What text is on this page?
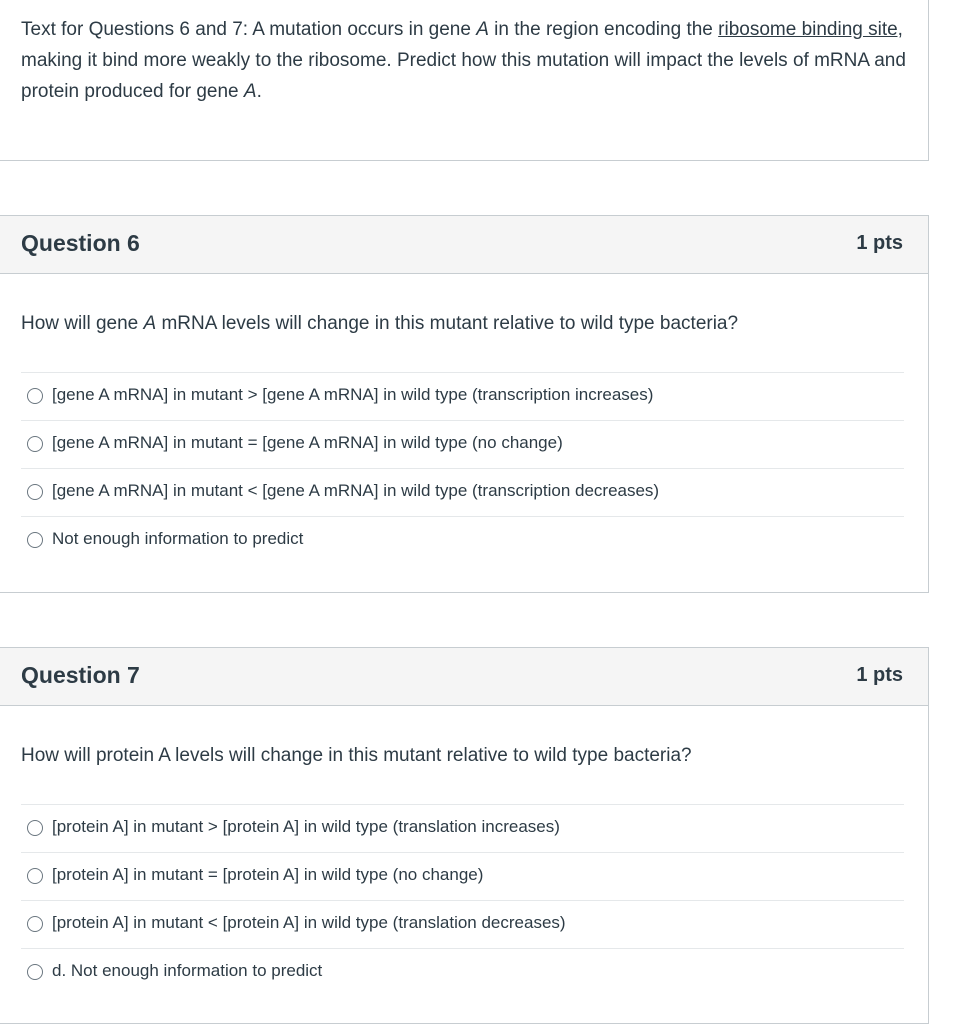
Text for Questions 6 and 7: A mutation occurs in gene A in the region encoding the ribosome binding site, making it bind more weakly to the ribosome. Predict how this mutation will impact the levels of mRNA and protein produced for gene A.
Question 6	1 pts
How will gene A mRNA levels will change in this mutant relative to wild type bacteria?
[gene A mRNA] in mutant > [gene A mRNA] in wild type (transcription increases)
[gene A mRNA] in mutant = [gene A mRNA] in wild type (no change)
[gene A mRNA] in mutant < [gene A mRNA] in wild type (transcription decreases)
Not enough information to predict
Question 7	1 pts
How will protein A levels will change in this mutant relative to wild type bacteria?
[protein A] in mutant > [protein A] in wild type (translation increases)
[protein A] in mutant = [protein A] in wild type (no change)
[protein A] in mutant < [protein A] in wild type (translation decreases)
d. Not enough information to predict
